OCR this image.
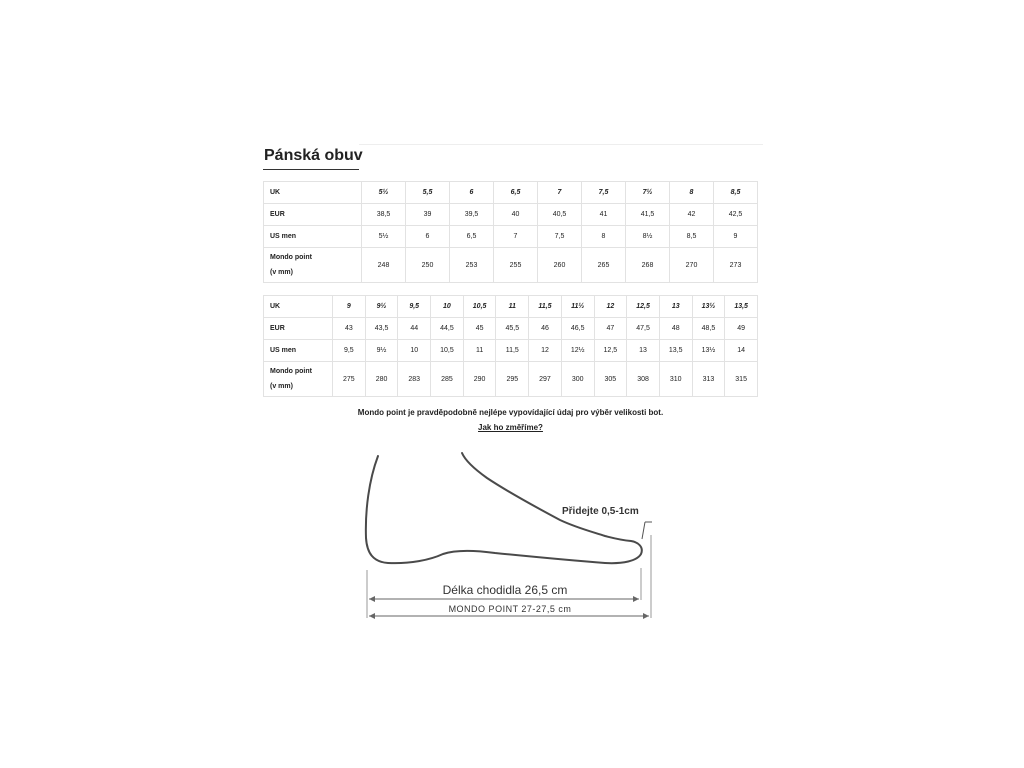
Pánská obuv
UK	5½	5,5	6	6,5	7	7,5	7½	8	8,5
EUR	38,5	39	39,5	40	40,5	41	41,5	42	42,5
US men	5½	6	6,5	7	7,5	8	8½	8,5	9

Mondo point
(v mm)	248	250	253	255	260	265	268	270	273
UK	9	9½	9,5	10	10,5	11	11,5	11½	12	12,5	13	13½	13,5
EUR	43	43,5	44	44,5	45	45,5	46	46,5	47	47,5	48	48,5	49
US men	9,5	9½	10	10,5	11	11,5	12	12½	12,5	13	13,5	13½	14

Mondo point
(v mm)	275	280	283	285	290	295	297	300	305	308	310	313	315

Mondo point je pravděpodobně nejlépe vypovídající údaj pro výběr velikosti bot.

Jak ho změříme?

Přidejte 0,5-1cm
Délka chodidla 26,5 cm
MONDO POINT 27-27,5 cm
